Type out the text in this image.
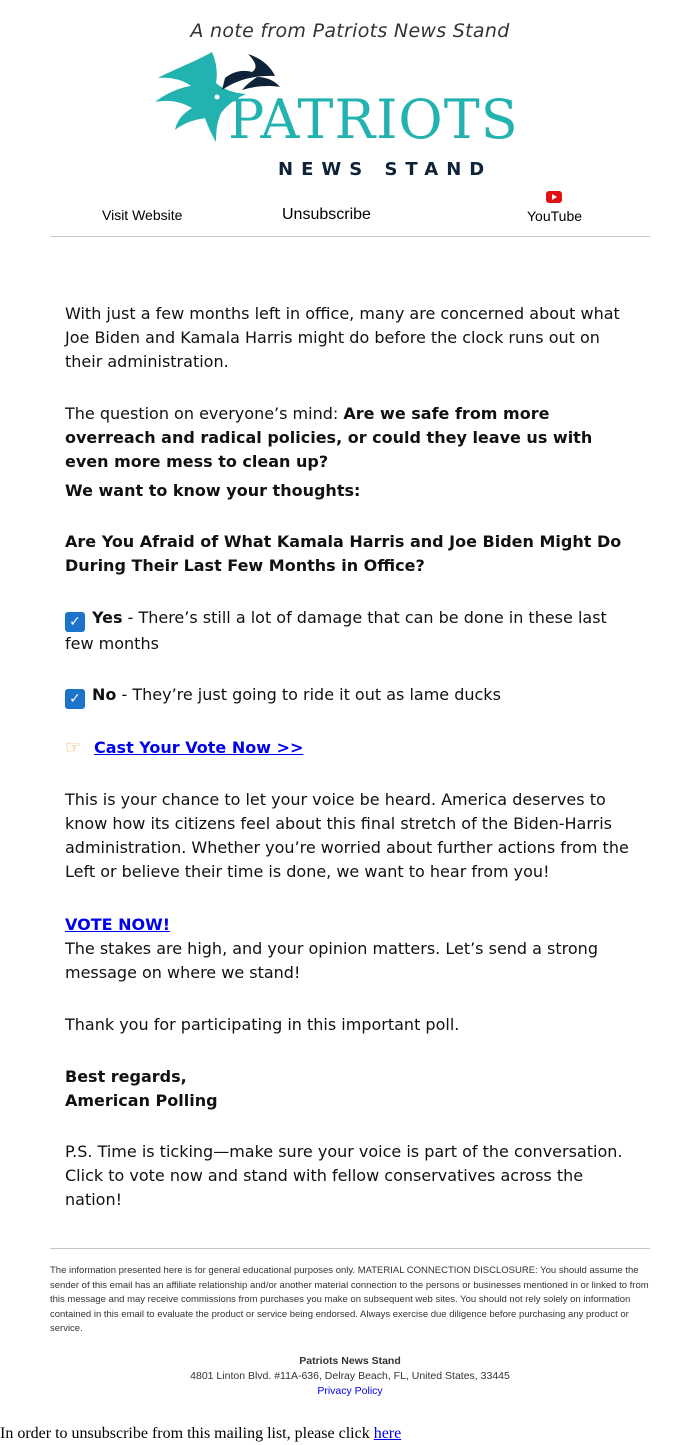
A note from Patriots News Stand
PATRIOTS
NEWS STAND
Visit Website	Unsubscribe	YouTube

With just a few months left in office, many are concerned about what Joe Biden and Kamala Harris might do before the clock runs out on their administration.

The question on everyone’s mind: Are we safe from more overreach and radical policies, or could they leave us with even more mess to clean up?

We want to know your thoughts:

Are You Afraid of What Kamala Harris and Joe Biden Might Do During Their Last Few Months in Office?

✓ Yes - There’s still a lot of damage that can be done in these last few months

✓ No - They’re just going to ride it out as lame ducks

☞ Cast Your Vote Now >>

This is your chance to let your voice be heard. America deserves to know how its citizens feel about this final stretch of the Biden-Harris administration. Whether you’re worried about further actions from the Left or believe their time is done, we want to hear from you!

VOTE NOW!

The stakes are high, and your opinion matters. Let’s send a strong message on where we stand!

Thank you for participating in this important poll.

Best regards,

American Polling

P.S. Time is ticking—make sure your voice is part of the conversation. Click to vote now and stand with fellow conservatives across the nation!

The information presented here is for general educational purposes only. MATERIAL CONNECTION DISCLOSURE: You should assume the sender of this email has an affiliate relationship and/or another material connection to the persons or businesses mentioned in or linked to from this message and may receive commissions from purchases you make on subsequent web sites. You should not rely solely on information contained in this email to evaluate the product or service being endorsed. Always exercise due diligence before purchasing any product or service.
Patriots News Stand
4801 Linton Blvd. #11A-636, Delray Beach, FL, United States, 33445
Privacy Policy
In order to unsubscribe from this mailing list, please click here
